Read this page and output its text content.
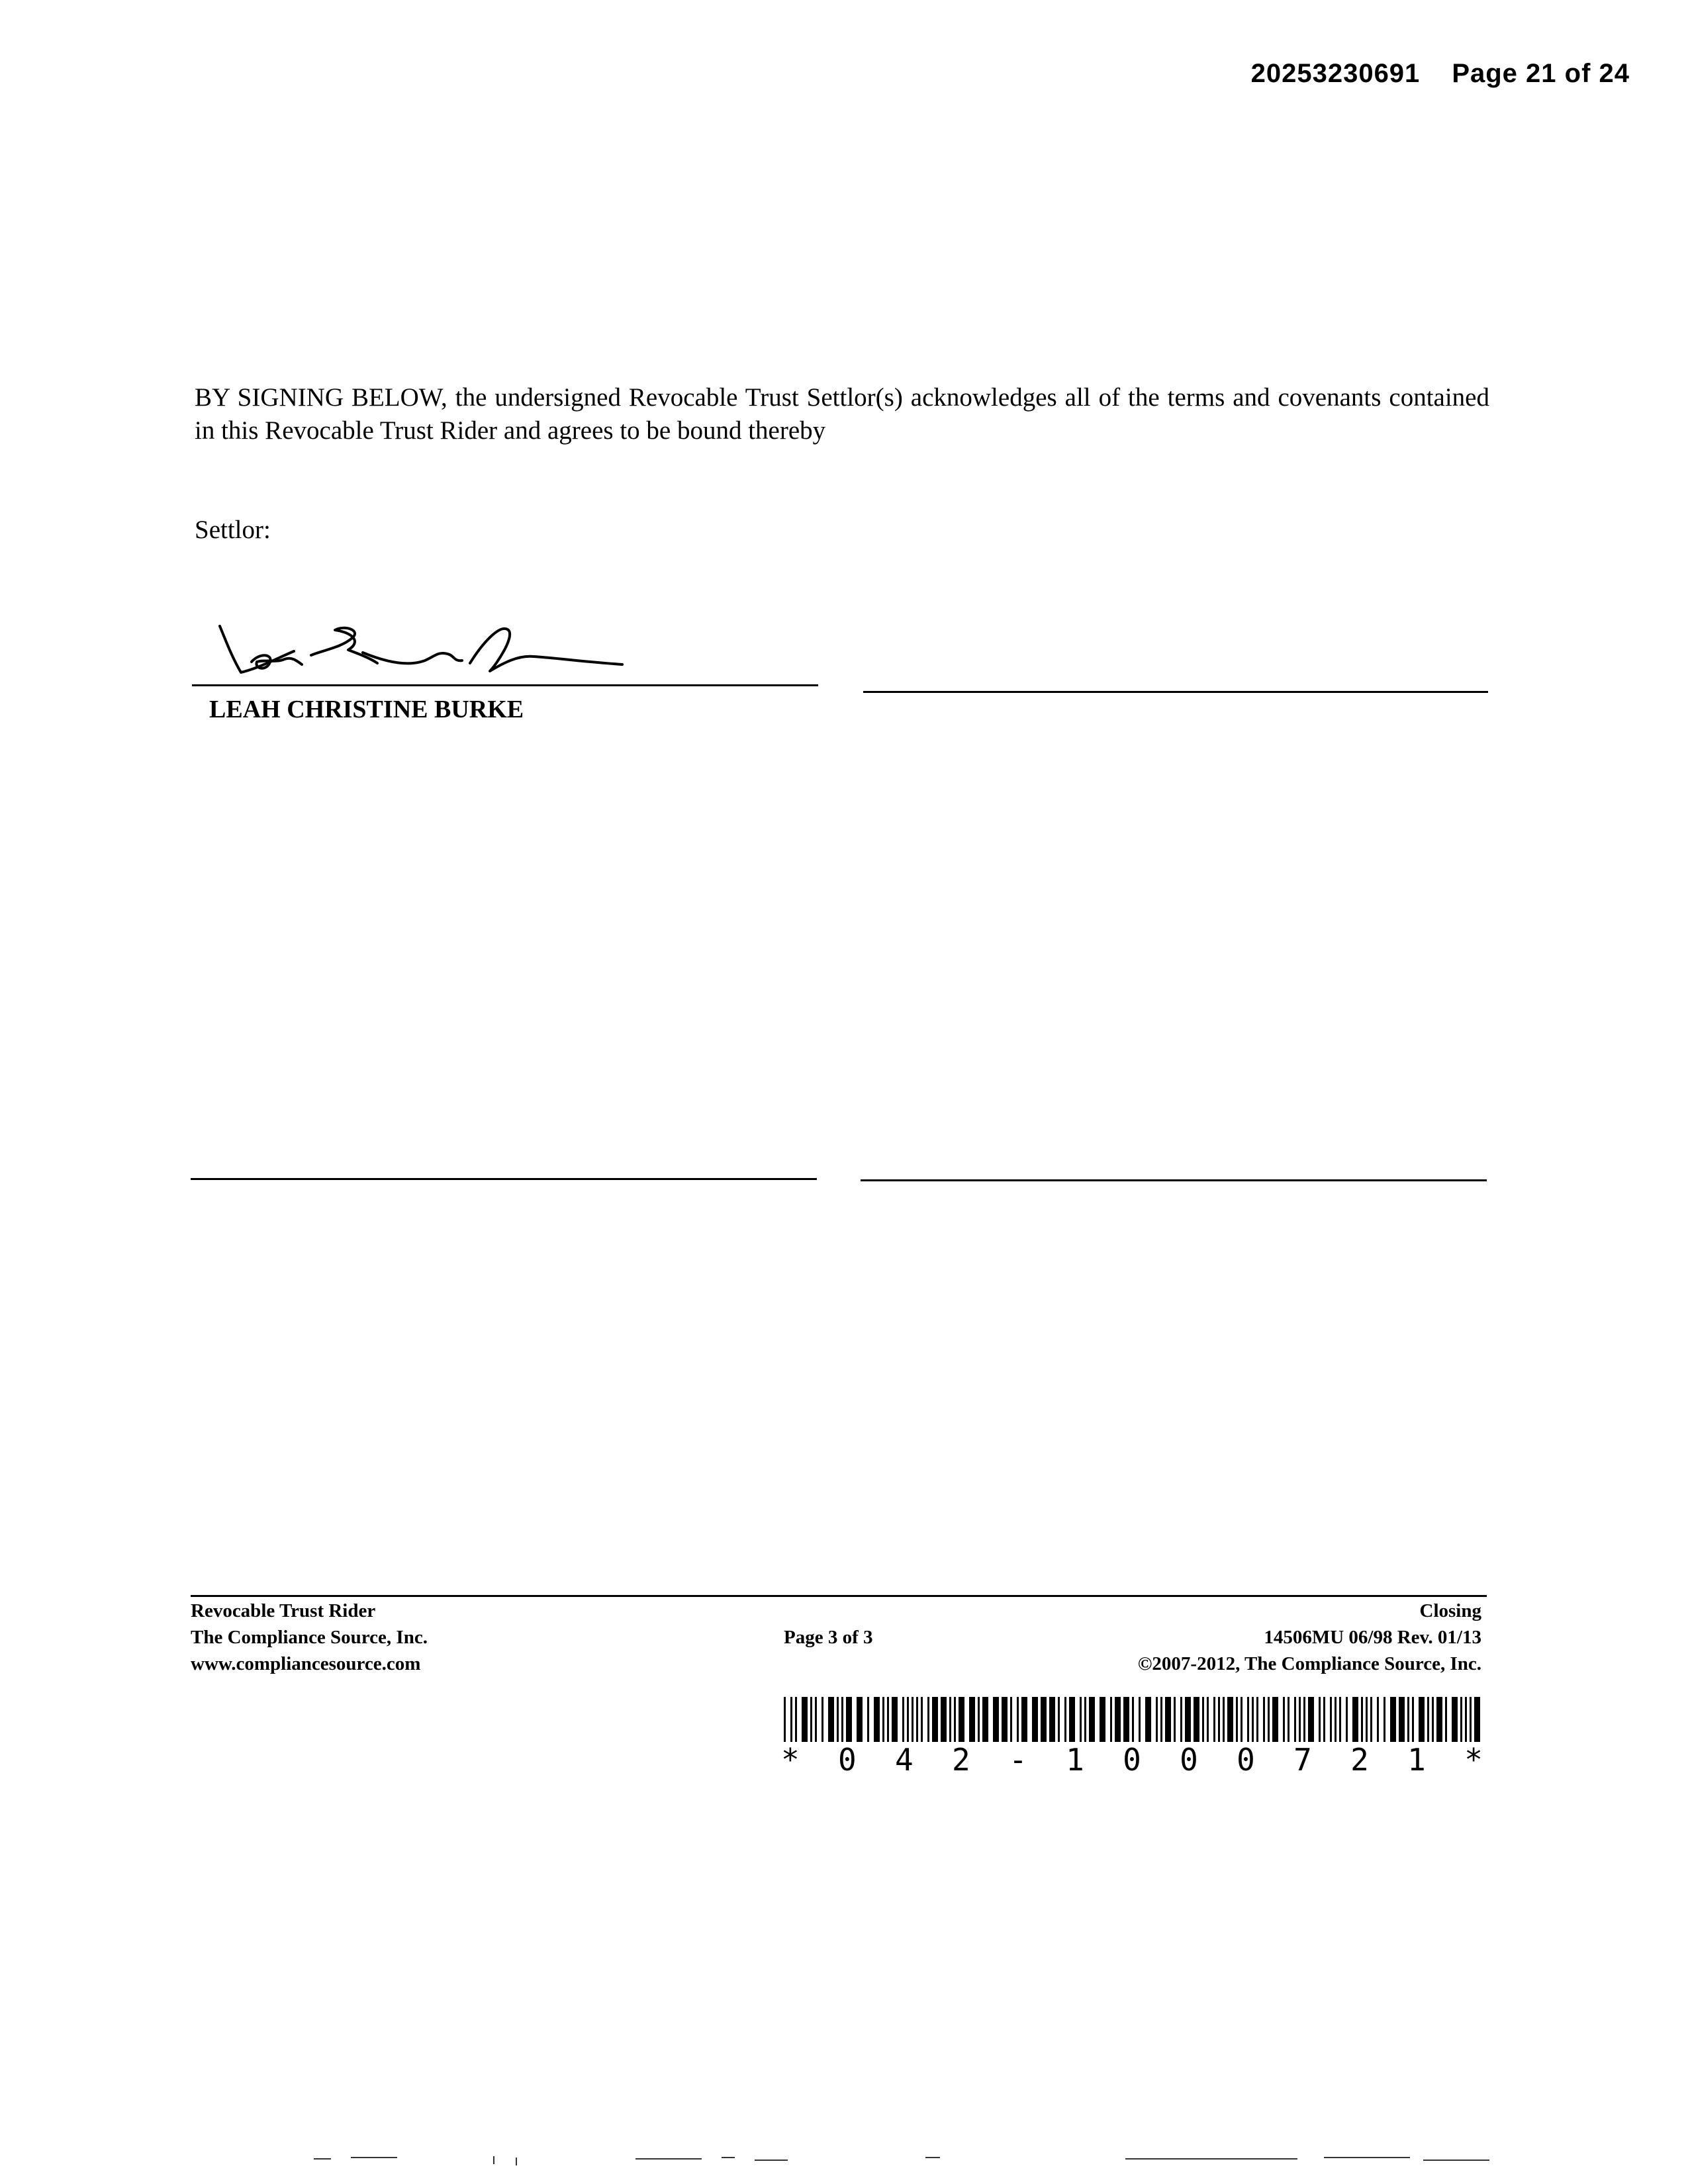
20253230691 Page 21 of 24

BY SIGNING BELOW, the undersigned Revocable Trust Settlor(s) acknowledges all of the terms and covenants contained in this Revocable Trust Rider and agrees to be bound thereby
Settlor:
LEAH CHRISTINE BURKE
Revocable Trust Rider
The Compliance Source, Inc.
www.compliancesource.com
Page 3 of 3
Closing
14506MU 06/98 Rev. 01/13
©2007-2012, The Compliance Source, Inc.
* 0 4 2 - 1 0 0 0 7 2 1 *
